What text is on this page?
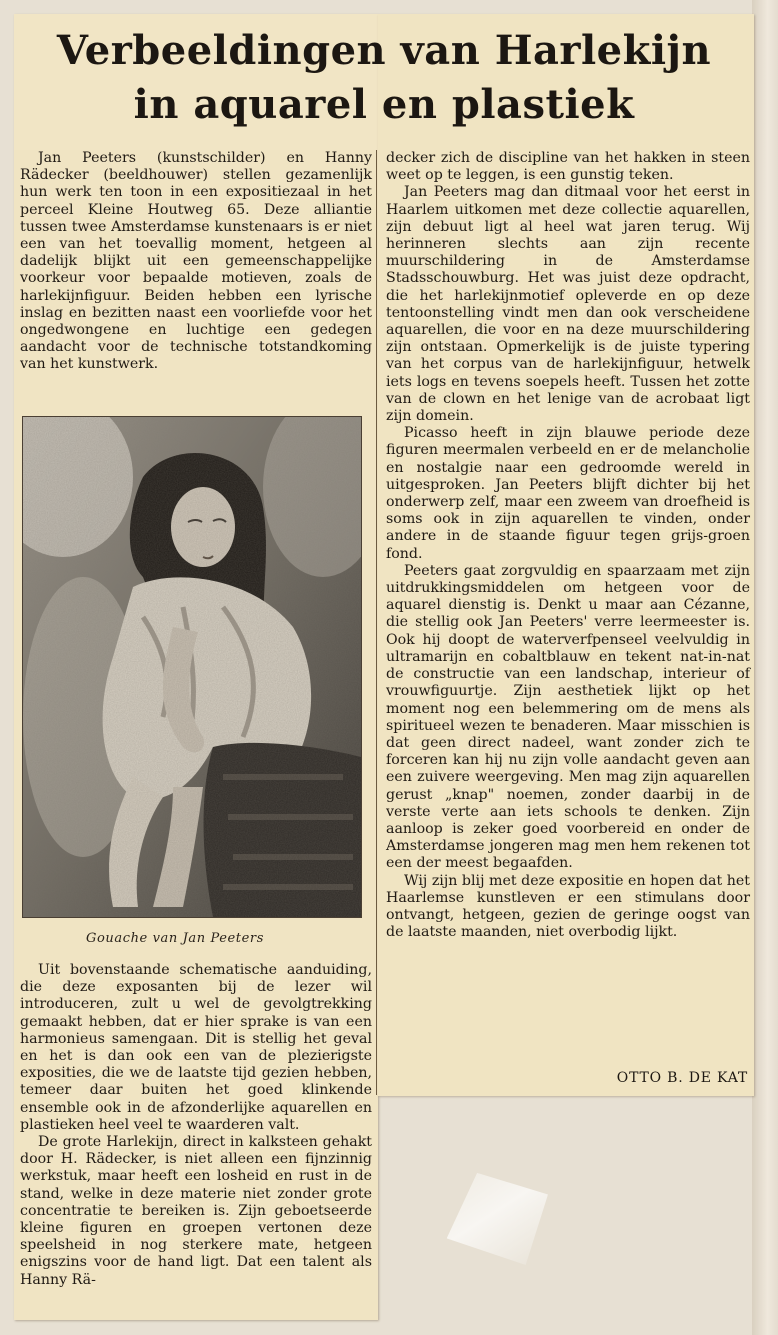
Verbeeldingen van Harlekijn
in aquarel en plastiek

Jan Peeters (kunstschilder) en Hanny Rädecker (beeldhouwer) stellen gezamenlijk hun werk ten toon in een expositiezaal in het perceel Kleine Houtweg 65. Deze alliantie tussen twee Amsterdamse kunstenaars is er niet een van het toevallig moment, hetgeen al dadelijk blijkt uit een gemeenschappelijke voorkeur voor bepaalde motieven, zoals de harlekijnfiguur. Beiden hebben een lyrische inslag en bezitten naast een voorliefde voor het ongedwongene en luchtige een gedegen aandacht voor de technische totstandkoming van het kunstwerk.

Gouache van Jan Peeters

Uit bovenstaande schematische aanduiding, die deze exposanten bij de lezer wil introduceren, zult u wel de gevolgtrekking gemaakt hebben, dat er hier sprake is van een harmonieus samengaan. Dit is stellig het geval en het is dan ook een van de plezierigste exposities, die we de laatste tijd gezien hebben, temeer daar buiten het goed klinkende ensemble ook in de afzonderlijke aquarellen en plastieken heel veel te waarderen valt.

De grote Harlekijn, direct in kalksteen gehakt door H. Rädecker, is niet alleen een fijnzinnig werkstuk, maar heeft een losheid en rust in de stand, welke in deze materie niet zonder grote concentratie te bereiken is. Zijn geboetseerde kleine figuren en groepen vertonen deze speelsheid in nog sterkere mate, hetgeen enigszins voor de hand ligt. Dat een talent als Hanny Rä-

decker zich de discipline van het hakken in steen weet op te leggen, is een gunstig teken.

Jan Peeters mag dan ditmaal voor het eerst in Haarlem uitkomen met deze collectie aquarellen, zijn debuut ligt al heel wat jaren terug. Wij herinneren slechts aan zijn recente muurschildering in de Amsterdamse Stadsschouwburg. Het was juist deze opdracht, die het harlekijnmotief opleverde en op deze tentoonstelling vindt men dan ook verscheidene aquarellen, die voor en na deze muurschildering zijn ontstaan. Opmerkelijk is de juiste typering van het corpus van de harlekijnfiguur, hetwelk iets logs en tevens soepels heeft. Tussen het zotte van de clown en het lenige van de acrobaat ligt zijn domein.

Picasso heeft in zijn blauwe periode deze figuren meermalen verbeeld en er de melancholie en nostalgie naar een gedroomde wereld in uitgesproken. Jan Peeters blijft dichter bij het onderwerp zelf, maar een zweem van droefheid is soms ook in zijn aquarellen te vinden, onder andere in de staande figuur tegen grijs-groen fond.

Peeters gaat zorgvuldig en spaarzaam met zijn uitdrukkingsmiddelen om hetgeen voor de aquarel dienstig is. Denkt u maar aan Cézanne, die stellig ook Jan Peeters' verre leermeester is. Ook hij doopt de waterverfpenseel veelvuldig in ultramarijn en cobaltblauw en tekent nat-in-nat de constructie van een landschap, interieur of vrouwfiguurtje. Zijn aesthetiek lijkt op het moment nog een belemmering om de mens als spiritueel wezen te benaderen. Maar misschien is dat geen direct nadeel, want zonder zich te forceren kan hij nu zijn volle aandacht geven aan een zuivere weergeving. Men mag zijn aquarellen gerust „knap" noemen, zonder daarbij in de verste verte aan iets schools te denken. Zijn aanloop is zeker goed voorbereid en onder de Amsterdamse jongeren mag men hem rekenen tot een der meest begaafden.

Wij zijn blij met deze expositie en hopen dat het Haarlemse kunstleven er een stimulans door ontvangt, hetgeen, gezien de geringe oogst van de laatste maanden, niet overbodig lijkt.

OTTO B. DE KAT
